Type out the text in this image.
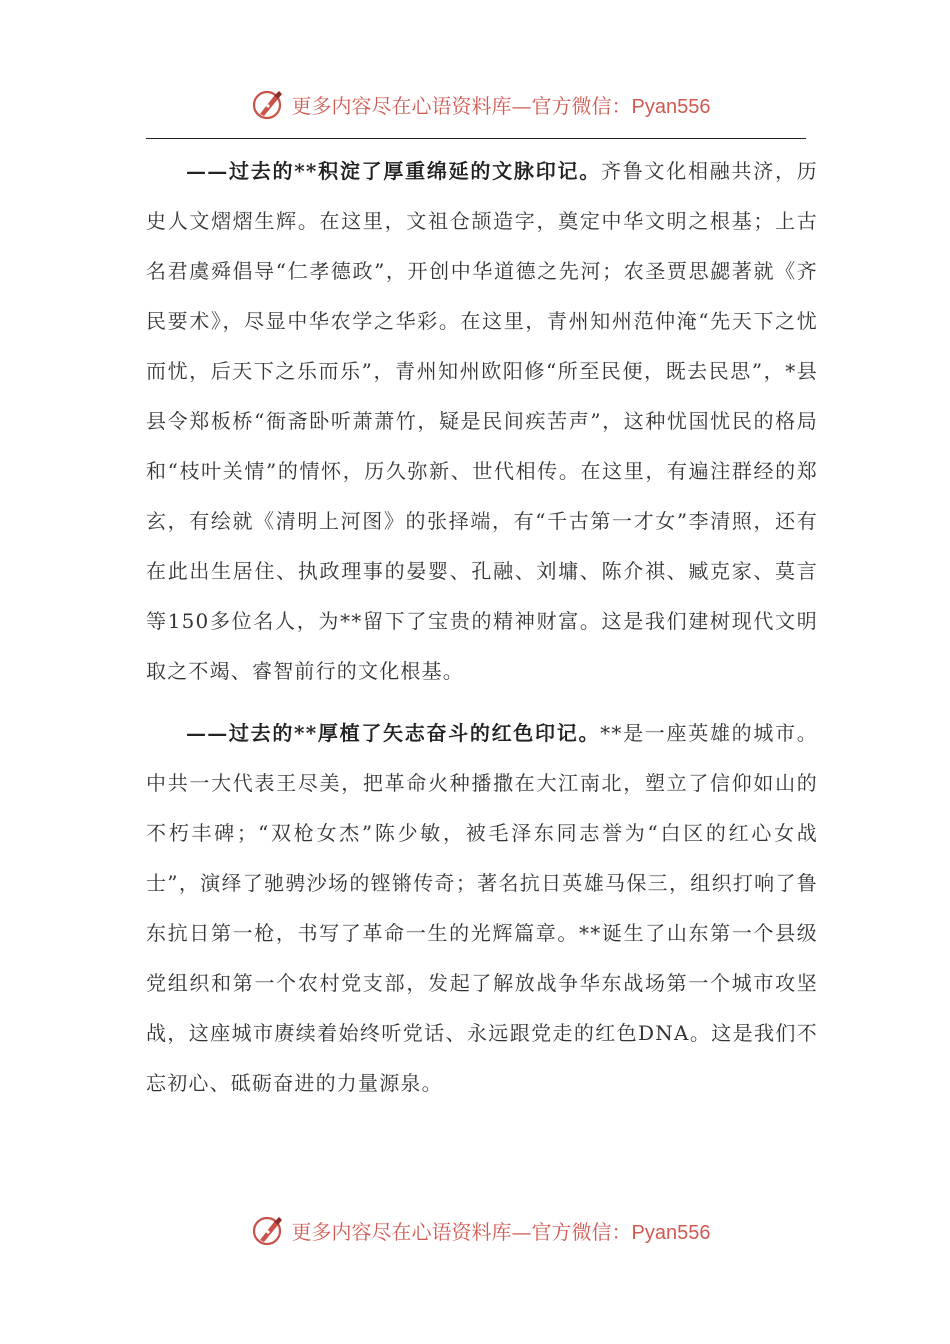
更多内容尽在心语资料库—官方微信：Pyan556

——过去的**积淀了厚重绵延的文脉印记。齐鲁文化相融共济，历史人文熠熠生辉。在这里，文祖仓颉造字，奠定中华文明之根基；上古名君虞舜倡导“仁孝德政”，开创中华道德之先河；农圣贾思勰著就《齐民要术》，尽显中华农学之华彩。在这里，青州知州范仲淹“先天下之忧而忧，后天下之乐而乐”，青州知州欧阳修“所至民便，既去民思”，*县县令郑板桥“衙斋卧听萧萧竹，疑是民间疾苦声”，这种忧国忧民的格局和“枝叶关情”的情怀，历久弥新、世代相传。在这里，有遍注群经的郑玄，有绘就《清明上河图》的张择端，有“千古第一才女”李清照，还有在此出生居住、执政理事的晏婴、孔融、刘墉、陈介祺、臧克家、莫言等150多位名人，为**留下了宝贵的精神财富。这是我们建树现代文明取之不竭、睿智前行的文化根基。

——过去的**厚植了矢志奋斗的红色印记。**是一座英雄的城市。中共一大代表王尽美，把革命火种播撒在大江南北，塑立了信仰如山的不朽丰碑；“双枪女杰”陈少敏，被毛泽东同志誉为“白区的红心女战士”，演绎了驰骋沙场的铿锵传奇；著名抗日英雄马保三，组织打响了鲁东抗日第一枪，书写了革命一生的光辉篇章。**诞生了山东第一个县级党组织和第一个农村党支部，发起了解放战争华东战场第一个城市攻坚战，这座城市赓续着始终听党话、永远跟党走的红色DNA。这是我们不忘初心、砥砺奋进的力量源泉。

更多内容尽在心语资料库—官方微信：Pyan556
